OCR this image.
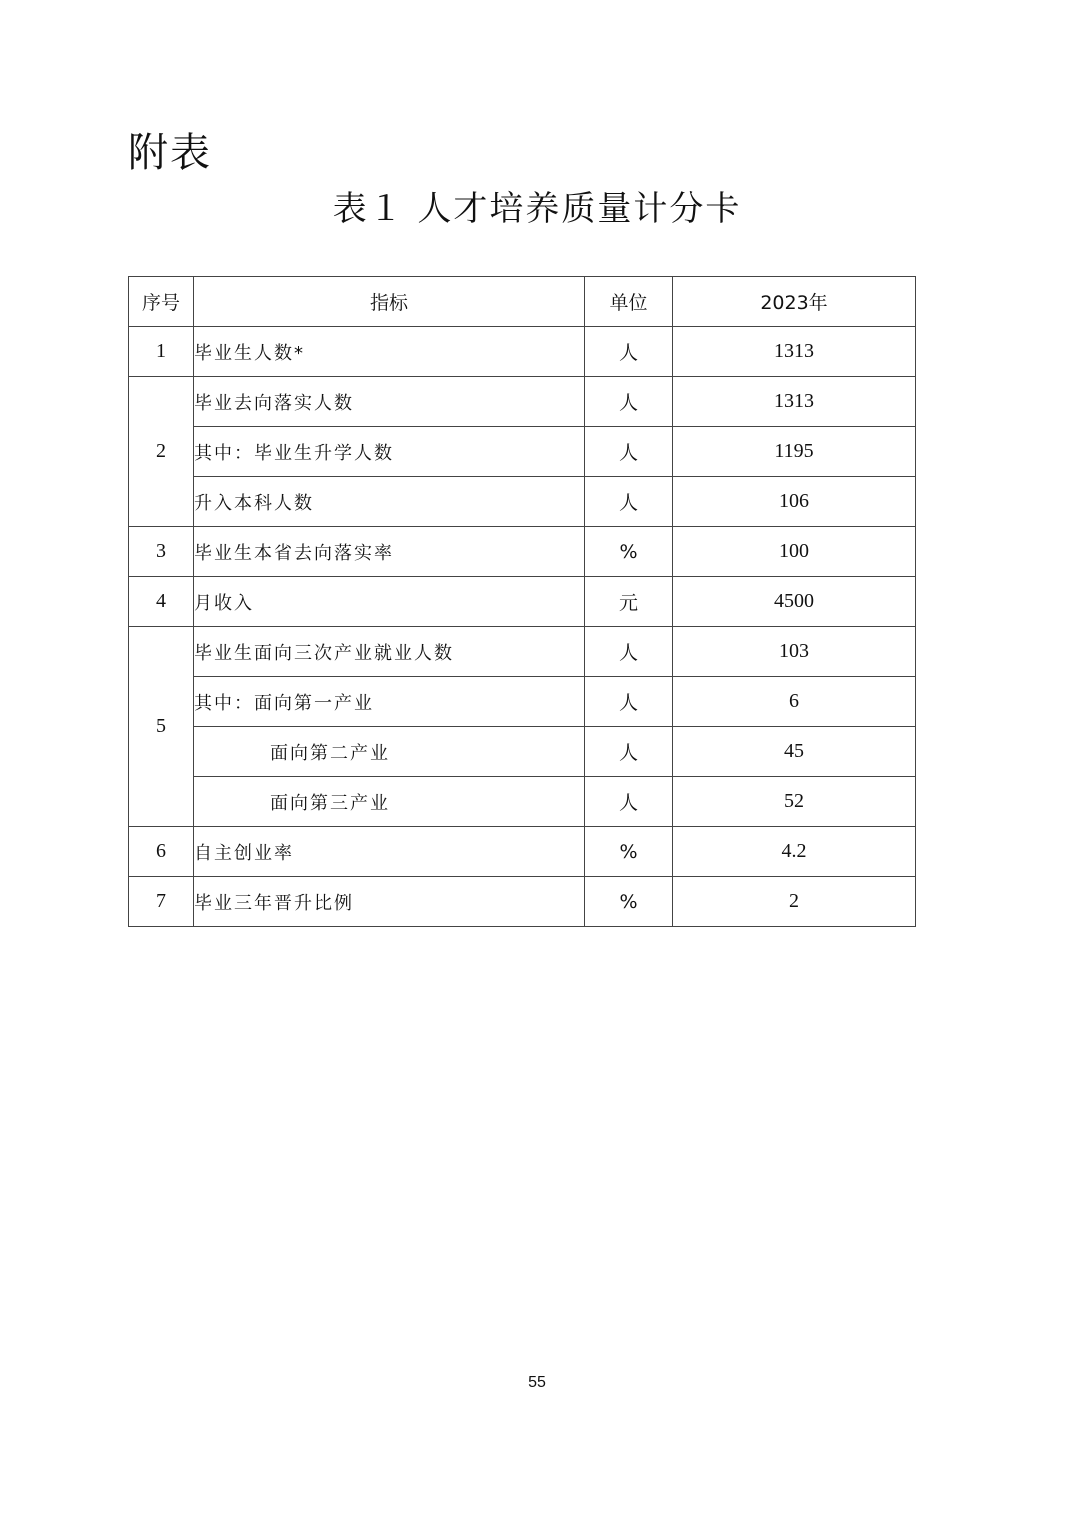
附表
表１ 人才培养质量计分卡
序号	指标	单位	2023年
1	毕业生人数*	人	1313
2	毕业去向落实人数	人	1313
	其中：毕业生升学人数	人	1195
	升入本科人数	人	106
3	毕业生本省去向落实率	%	100
4	月收入	元	4500
5	毕业生面向三次产业就业人数	人	103
	其中：面向第一产业	人	6
	面向第二产业	人	45
	面向第三产业	人	52
6	自主创业率	%	4.2
7	毕业三年晋升比例	%	2
55
